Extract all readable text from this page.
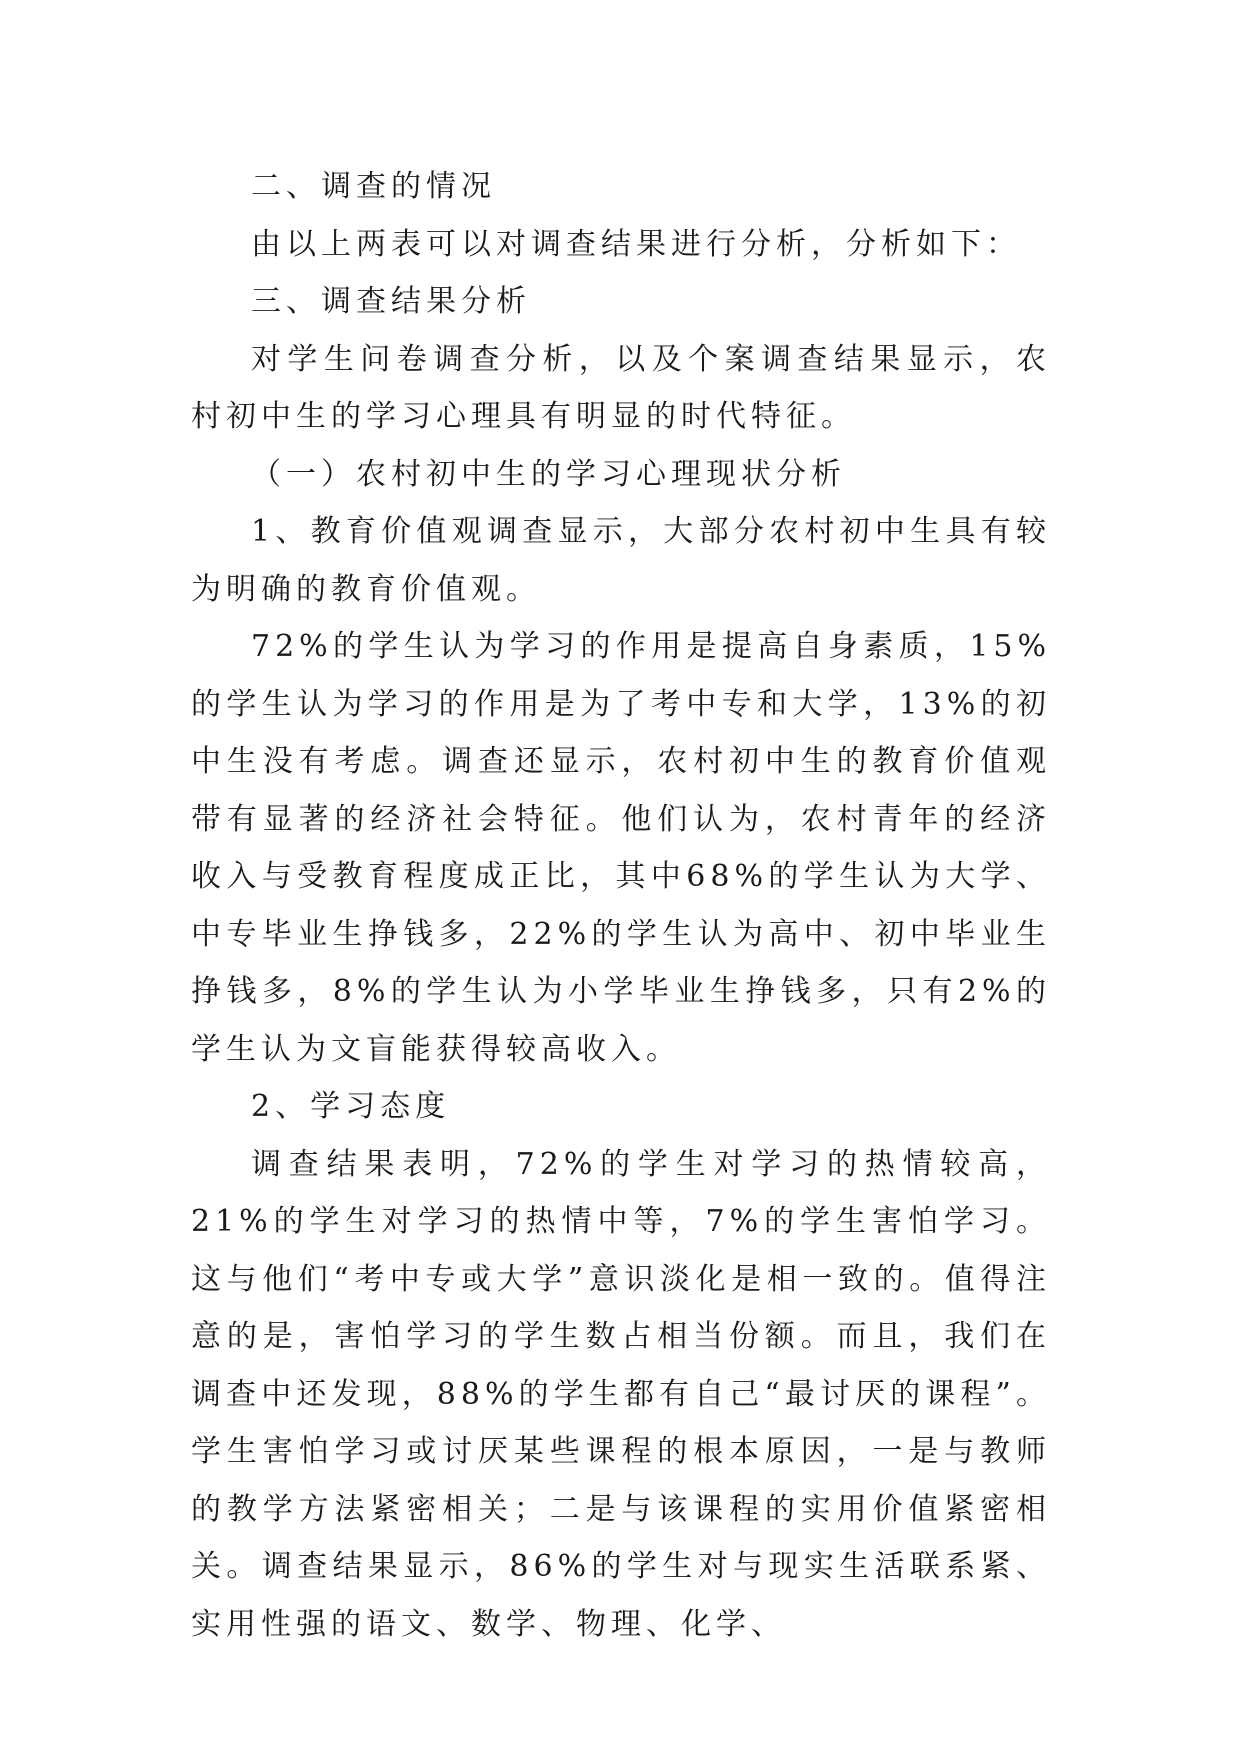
二、调查的情况

由以上两表可以对调查结果进行分析，分析如下：

三、调查结果分析

对学生问卷调查分析，以及个案调查结果显示，农村初中生的学习心理具有明显的时代特征。

（一）农村初中生的学习心理现状分析

1、教育价值观调查显示，大部分农村初中生具有较为明确的教育价值观。

72%的学生认为学习的作用是提高自身素质，15%的学生认为学习的作用是为了考中专和大学，13%的初中生没有考虑。调查还显示，农村初中生的教育价值观带有显著的经济社会特征。他们认为，农村青年的经济收入与受教育程度成正比，其中68%的学生认为大学、中专毕业生挣钱多，22%的学生认为高中、初中毕业生挣钱多，8%的学生认为小学毕业生挣钱多，只有2%的学生认为文盲能获得较高收入。

2、学习态度

调查结果表明，72%的学生对学习的热情较高，21%的学生对学习的热情中等，7%的学生害怕学习。这与他们“考中专或大学”意识淡化是相一致的。值得注意的是，害怕学习的学生数占相当份额。而且，我们在调查中还发现，88%的学生都有自己“最讨厌的课程”。学生害怕学习或讨厌某些课程的根本原因，一是与教师的教学方法紧密相关；二是与该课程的实用价值紧密相关。调查结果显示，86%的学生对与现实生活联系紧、实用性强的语文、数学、物理、化学、
